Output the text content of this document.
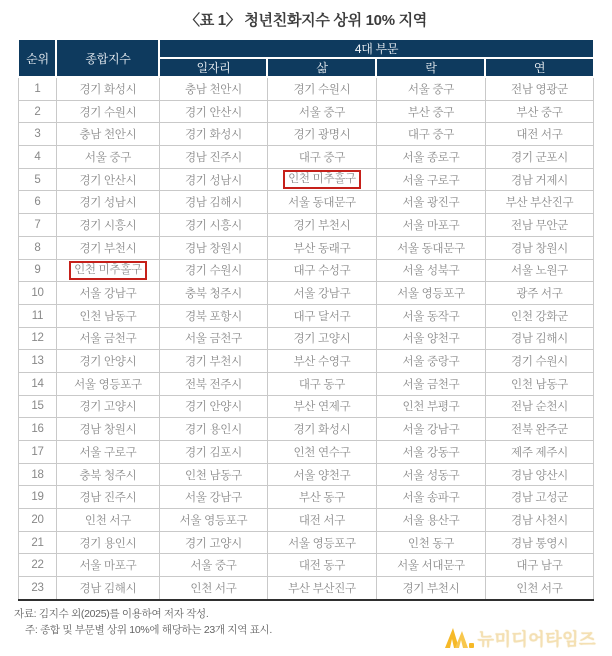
〈표 1〉 청년친화지수 상위 10% 지역
순위	종합지수	4대 부문			
		일자리	삶	락	연
1	경기 화성시	충남 천안시	경기 수원시	서울 중구	전남 영광군
2	경기 수원시	경기 안산시	서울 중구	부산 중구	부산 중구
3	충남 천안시	경기 화성시	경기 광명시	대구 중구	대전 서구
4	서울 중구	경남 진주시	대구 중구	서울 종로구	경기 군포시
5	경기 안산시	경기 성남시	인천 미추홀구	서울 구로구	경남 거제시
6	경기 성남시	경남 김해시	서울 동대문구	서울 광진구	부산 부산진구
7	경기 시흥시	경기 시흥시	경기 부천시	서울 마포구	전남 무안군
8	경기 부천시	경남 창원시	부산 동래구	서울 동대문구	경남 창원시
9	인천 미추홀구	경기 수원시	대구 수성구	서울 성북구	서울 노원구
10	서울 강남구	충북 청주시	서울 강남구	서울 영등포구	광주 서구
11	인천 남동구	경북 포항시	대구 달서구	서울 동작구	인천 강화군
12	서울 금천구	서울 금천구	경기 고양시	서울 양천구	경남 김해시
13	경기 안양시	경기 부천시	부산 수영구	서울 중랑구	경기 수원시
14	서울 영등포구	전북 전주시	대구 동구	서울 금천구	인천 남동구
15	경기 고양시	경기 안양시	부산 연제구	인천 부평구	전남 순천시
16	경남 창원시	경기 용인시	경기 화성시	서울 강남구	전북 완주군
17	서울 구로구	경기 김포시	인천 연수구	서울 강동구	제주 제주시
18	충북 청주시	인천 남동구	서울 양천구	서울 성동구	경남 양산시
19	경남 진주시	서울 강남구	부산 동구	서울 송파구	경남 고성군
20	인천 서구	서울 영등포구	대전 서구	서울 용산구	경남 사천시
21	경기 용인시	경기 고양시	서울 영등포구	인천 동구	경남 통영시
22	서울 마포구	서울 중구	대전 동구	서울 서대문구	대구 남구
23	경남 김해시	인천 서구	부산 부산진구	경기 부천시	인천 서구
자료: 김지수 외(2025)를 이용하여 저자 작성.
주: 종합 및 부문별 상위 10%에 해당하는 23개 지역 표시.
뉴미디어타임즈
